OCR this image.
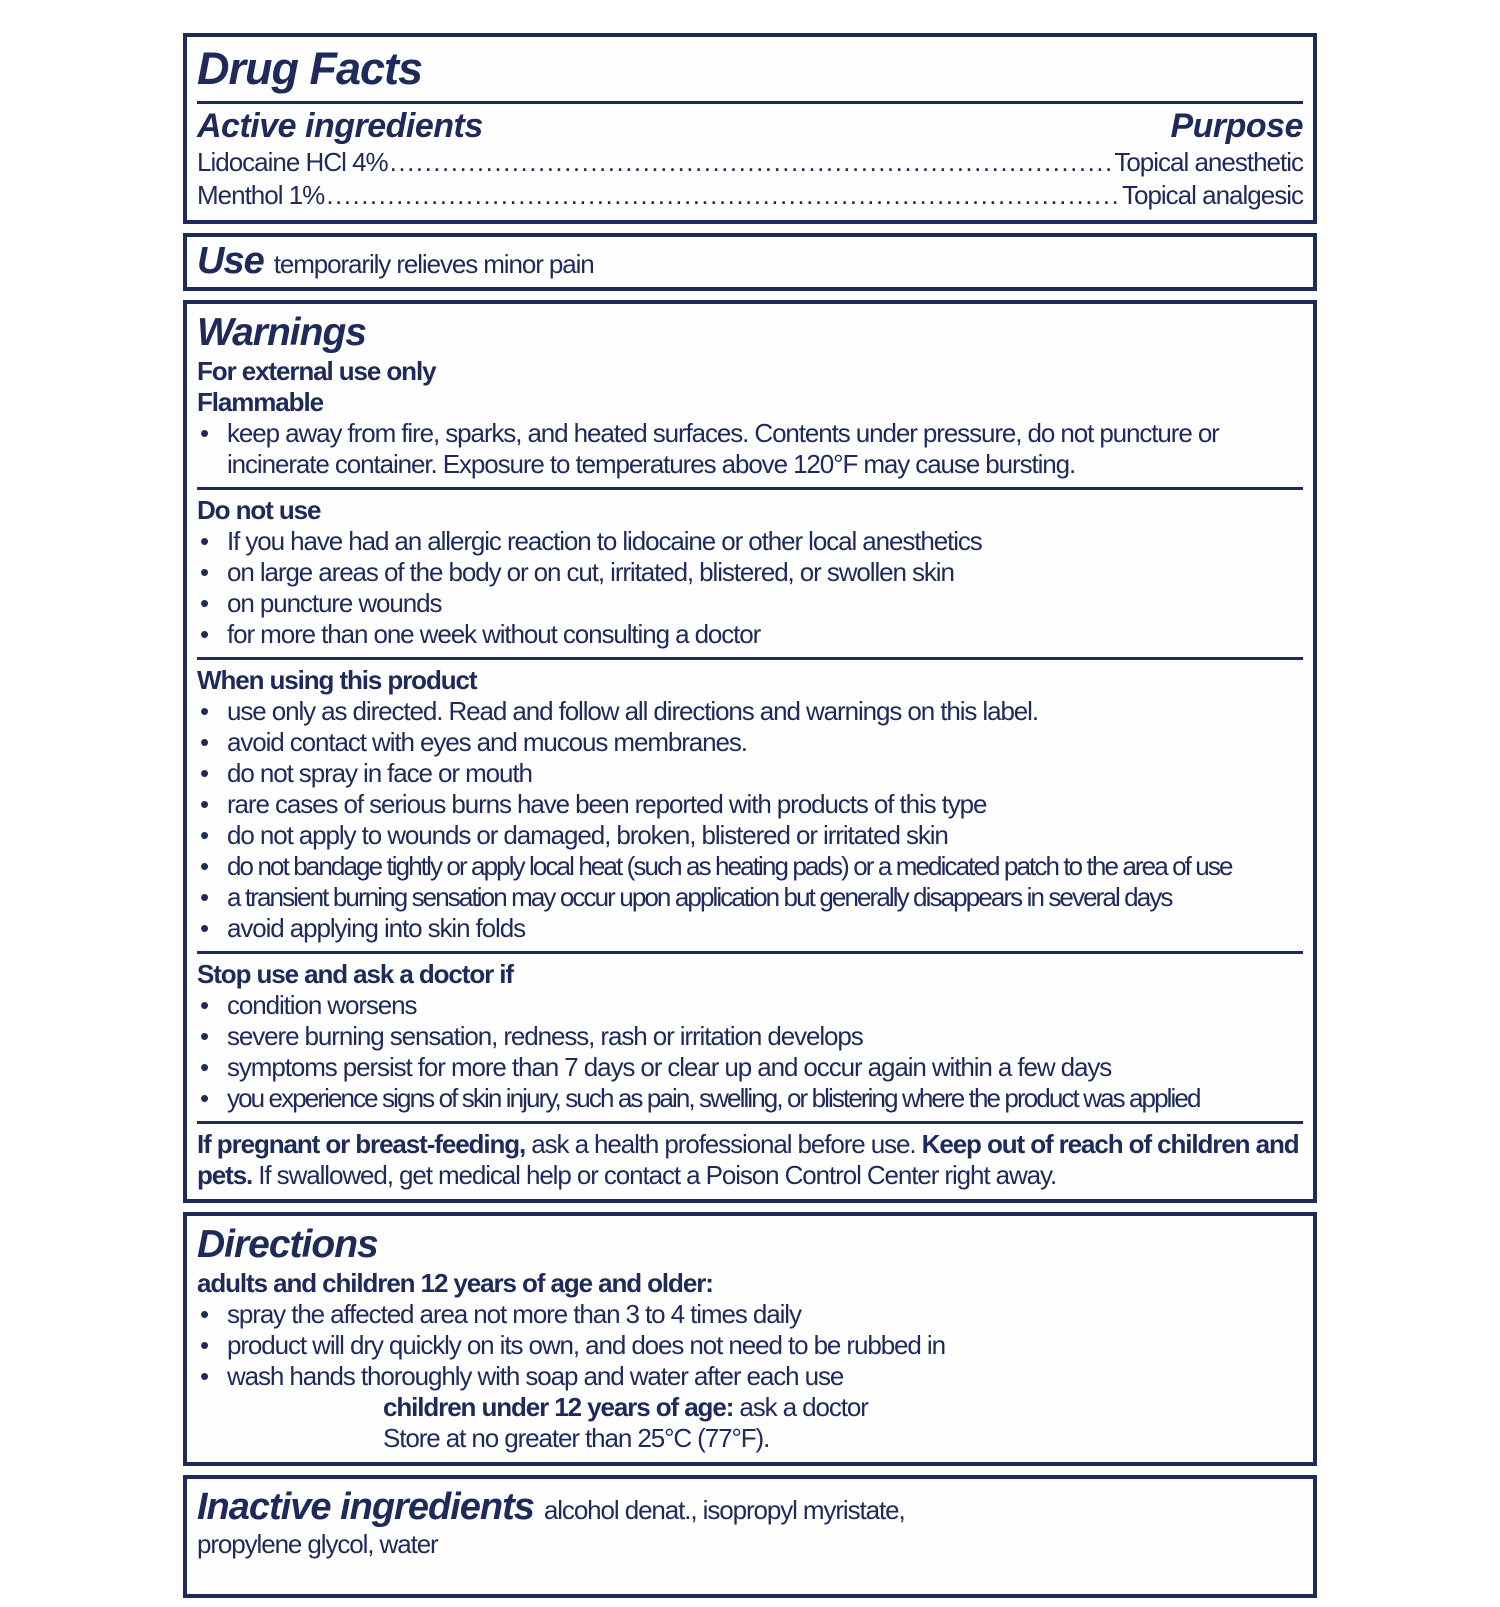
Drug Facts
Active ingredients	Purpose
Lidocaine HCl 4% .....	Topical anesthetic
Menthol 1% .....	Topical analgesic
Use temporarily relieves minor pain
Warnings
For external use only
Flammable
• keep away from fire, sparks, and heated surfaces. Contents under pressure, do not puncture or incinerate container. Exposure to temperatures above 120°F may cause bursting.
Do not use
• If you have had an allergic reaction to lidocaine or other local anesthetics
• on large areas of the body or on cut, irritated, blistered, or swollen skin
• on puncture wounds
• for more than one week without consulting a doctor
When using this product
• use only as directed. Read and follow all directions and warnings on this label.
• avoid contact with eyes and mucous membranes.
• do not spray in face or mouth
• rare cases of serious burns have been reported with products of this type
• do not apply to wounds or damaged, broken, blistered or irritated skin
• do not bandage tightly or apply local heat (such as heating pads) or a medicated patch to the area of use
• a transient burning sensation may occur upon application but generally disappears in several days
• avoid applying into skin folds
Stop use and ask a doctor if
• condition worsens
• severe burning sensation, redness, rash or irritation develops
• symptoms persist for more than 7 days or clear up and occur again within a few days
• you experience signs of skin injury, such as pain, swelling, or blistering where the product was applied
If pregnant or breast-feeding, ask a health professional before use. Keep out of reach of children and pets. If swallowed, get medical help or contact a Poison Control Center right away.
Directions
adults and children 12 years of age and older:
• spray the affected area not more than 3 to 4 times daily
• product will dry quickly on its own, and does not need to be rubbed in
• wash hands thoroughly with soap and water after each use
children under 12 years of age: ask a doctor
Store at no greater than 25°C (77°F).
Inactive ingredients alcohol denat., isopropyl myristate,
propylene glycol, water
